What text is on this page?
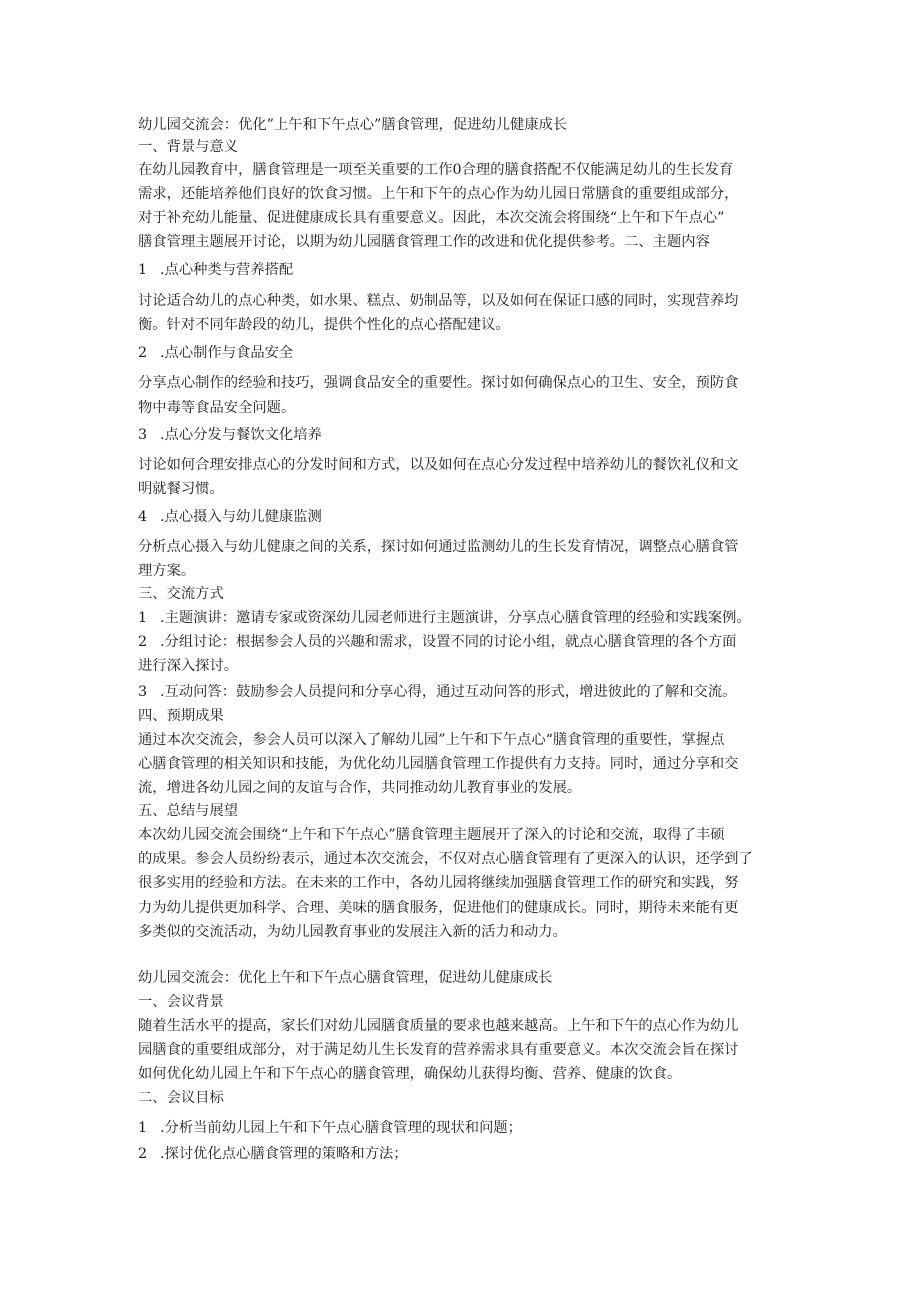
幼儿园交流会：优化”上午和下午点心”膳食管理，促进幼儿健康成长
一、背景与意义
在幼儿园教育中，膳食管理是一项至关重要的工作0合理的膳食搭配不仅能满足幼儿的生长发育
需求，还能培养他们良好的饮食习惯。上午和下午的点心作为幼儿园日常膳食的重要组成部分，
对于补充幼儿能量、促进健康成长具有重要意义。因此，本次交流会将围绕“上午和下午点心”
膳食管理主题展开讨论，以期为幼儿园膳食管理工作的改进和优化提供参考。二、主题内容
1 .点心种类与营养搭配
讨论适合幼儿的点心种类，如水果、糕点、奶制品等，以及如何在保证口感的同时，实现营养均
衡。针对不同年龄段的幼儿，提供个性化的点心搭配建议。
2 .点心制作与食品安全
分享点心制作的经验和技巧，强调食品安全的重要性。探讨如何确保点心的卫生、安全，预防食
物中毒等食品安全问题。
3 .点心分发与餐饮文化培养
讨论如何合理安排点心的分发时间和方式，以及如何在点心分发过程中培养幼儿的餐饮礼仪和文
明就餐习惯。
4 .点心摄入与幼儿健康监测
分析点心摄入与幼儿健康之间的关系，探讨如何通过监测幼儿的生长发育情况，调整点心膳食管
理方案。
三、交流方式
1 .主题演讲：邀请专家或资深幼儿园老师进行主题演讲，分享点心膳食管理的经验和实践案例。
2 .分组讨论：根据参会人员的兴趣和需求，设置不同的讨论小组，就点心膳食管理的各个方面
进行深入探讨。
3 .互动问答：鼓励参会人员提问和分享心得，通过互动问答的形式，增进彼此的了解和交流。
四、预期成果
通过本次交流会，参会人员可以深入了解幼儿园”上午和下午点心“膳食管理的重要性，掌握点
心膳食管理的相关知识和技能，为优化幼儿园膳食管理工作提供有力支持。同时，通过分享和交
流，增进各幼儿园之间的友谊与合作，共同推动幼儿教育事业的发展。
五、总结与展望
本次幼儿园交流会围绕“上午和下午点心”膳食管理主题展开了深入的讨论和交流，取得了丰硕
的成果。参会人员纷纷表示，通过本次交流会，不仅对点心膳食管理有了更深入的认识，还学到了
很多实用的经验和方法。在未来的工作中，各幼儿园将继续加强膳食管理工作的研究和实践，努
力为幼儿提供更加科学、合理、美味的膳食服务，促进他们的健康成长。同时，期待未来能有更
多类似的交流活动，为幼儿园教育事业的发展注入新的活力和动力。
幼儿园交流会：优化上午和下午点心膳食管理，促进幼儿健康成长
一、会议背景
随着生活水平的提高，家长们对幼儿园膳食质量的要求也越来越高。上午和下午的点心作为幼儿
园膳食的重要组成部分，对于满足幼儿生长发育的营养需求具有重要意义。本次交流会旨在探讨
如何优化幼儿园上午和下午点心的膳食管理，确保幼儿获得均衡、营养、健康的饮食。
二、会议目标
1 .分析当前幼儿园上午和下午点心膳食管理的现状和问题；
2 .探讨优化点心膳食管理的策略和方法；
